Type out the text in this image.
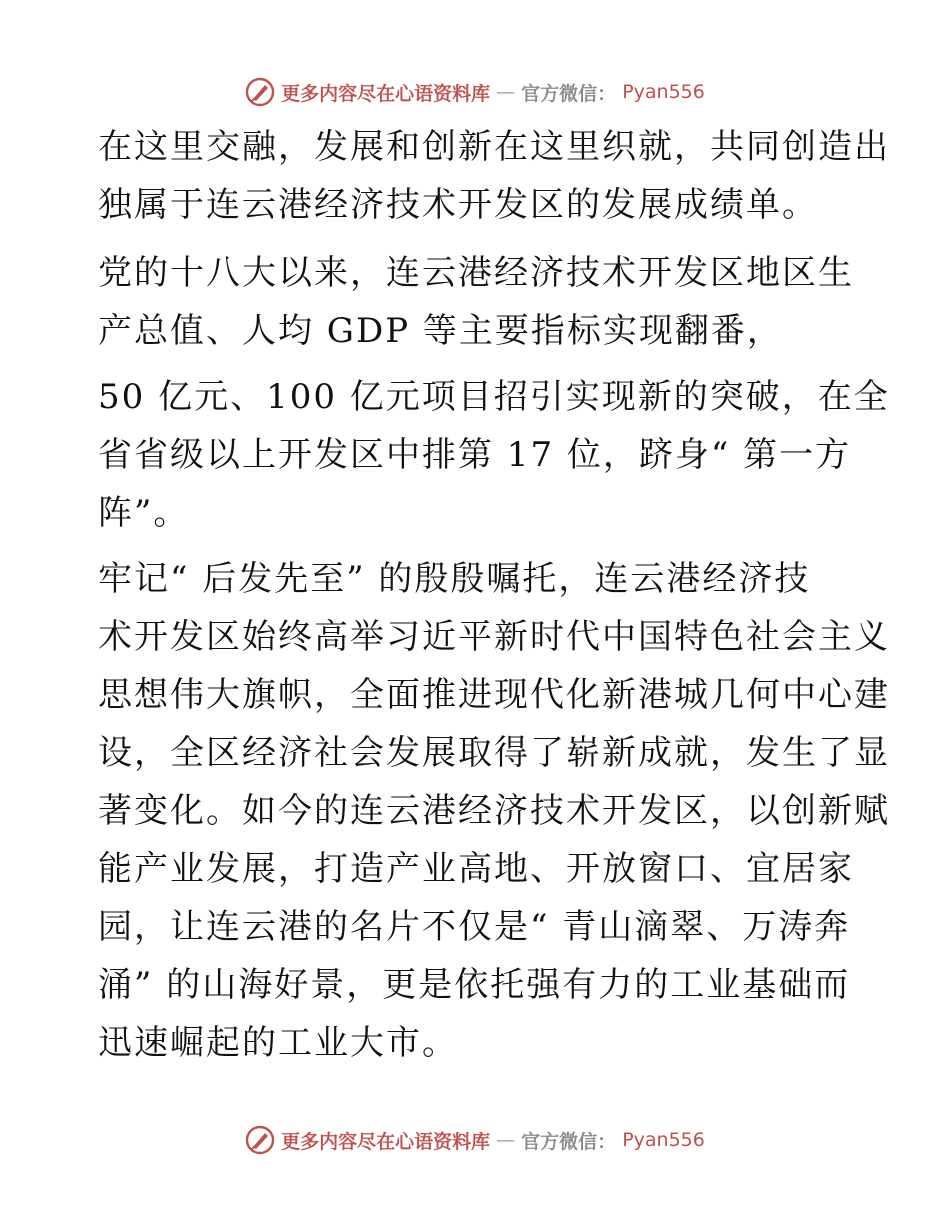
更多内容尽在心语资料库 — 官方微信： Pyan556
在这里交融，发展和创新在这里织就，共同创造出
独属于连云港经济技术开发区的发展成绩单。
党的十八大以来，连云港经济技术开发区地区生
产总值、人均 GDP 等主要指标实现翻番，
50 亿元、100 亿元项目招引实现新的突破，在全
省省级以上开发区中排第 17 位，跻身“ 第一方
阵”。
牢记“ 后发先至” 的殷殷嘱托，连云港经济技
术开发区始终高举习近平新时代中国特色社会主义
思想伟大旗帜，全面推进现代化新港城几何中心建
设，全区经济社会发展取得了崭新成就，发生了显
著变化。如今的连云港经济技术开发区，以创新赋
能产业发展，打造产业高地、开放窗口、宜居家
园，让连云港的名片不仅是“ 青山滴翠、万涛奔
涌” 的山海好景，更是依托强有力的工业基础而
迅速崛起的工业大市。
更多内容尽在心语资料库 — 官方微信： Pyan556
